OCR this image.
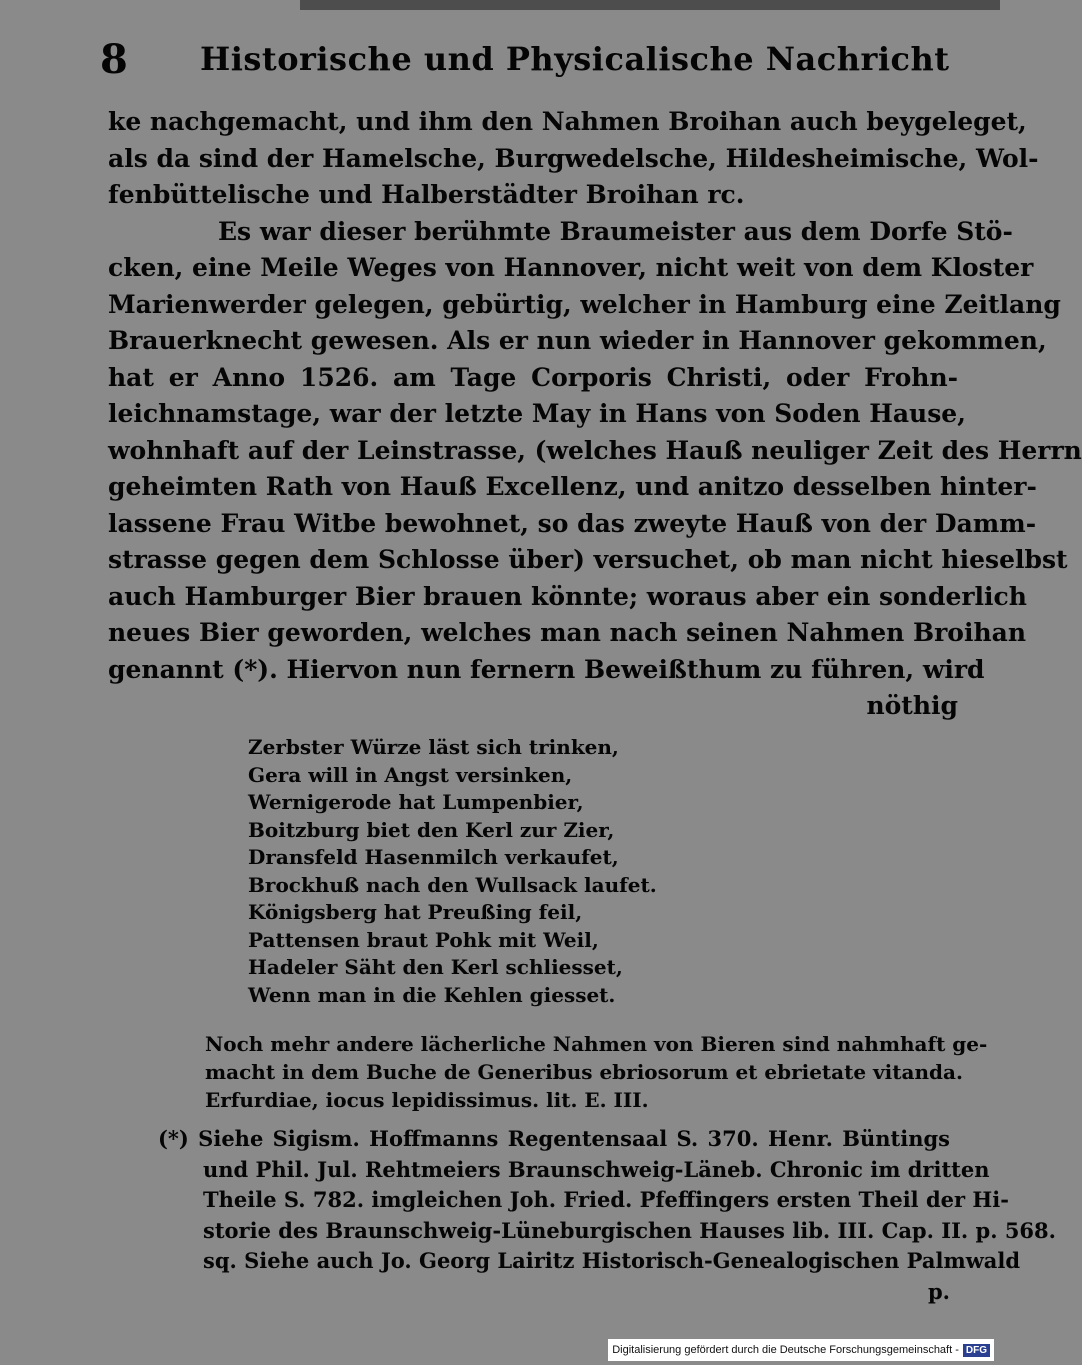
8 Historische und Physicalische Nachricht
ke nachgemacht, und ihm den Nahmen Broihan auch beygeleget,
als da sind der Hamelsche, Burgwedelsche, Hildesheimische, Wol-
fenbüttelische und Halberstädter Broihan rc.
Es war dieser berühmte Braumeister aus dem Dorfe Stö-
cken, eine Meile Weges von Hannover, nicht weit von dem Kloster
Marienwerder gelegen, gebürtig, welcher in Hamburg eine Zeitlang
Brauerknecht gewesen. Als er nun wieder in Hannover gekommen,
hat er Anno 1526. am Tage Corporis Christi, oder Frohn-
leichnamstage, war der letzte May in Hans von Soden Hause,
wohnhaft auf der Leinstrasse, (welches Hauß neuliger Zeit des Herrn
geheimten Rath von Hauß Excellenz, und anitzo desselben hinter-
lassene Frau Witbe bewohnet, so das zweyte Hauß von der Damm-
strasse gegen dem Schlosse über) versuchet, ob man nicht hieselbst
auch Hamburger Bier brauen könnte; woraus aber ein sonderlich
neues Bier geworden, welches man nach seinen Nahmen Broihan
genannt (*). Hiervon nun fernern Beweißthum zu führen, wird
nöthig
Zerbster Würze läst sich trinken,
Gera will in Angst versinken,
Wernigerode hat Lumpenbier,
Boitzburg biet den Kerl zur Zier,
Dransfeld Hasenmilch verkaufet,
Brockhuß nach den Wullsack laufet.
Königsberg hat Preußing feil,
Pattensen braut Pohk mit Weil,
Hadeler Säht den Kerl schliesset,
Wenn man in die Kehlen giesset.
Noch mehr andere lächerliche Nahmen von Bieren sind nahmhaft ge-
macht in dem Buche de Generibus ebriosorum et ebrietate vitanda.
Erfurdiae, iocus lepidissimus. lit. E. III.
(*) Siehe Sigism. Hoffmanns Regentensaal S. 370. Henr. Büntings
und Phil. Jul. Rehtmeiers Braunschweig-Läneb. Chronic im dritten
Theile S. 782. imgleichen Joh. Fried. Pfeffingers ersten Theil der Hi-
storie des Braunschweig-Lüneburgischen Hauses lib. III. Cap. II. p. 568.
sq. Siehe auch Jo. Georg Lairitz Historisch-Genealogischen Palmwald
p.
Digitalisierung gefördert durch die Deutsche Forschungsgemeinschaft - DFG
